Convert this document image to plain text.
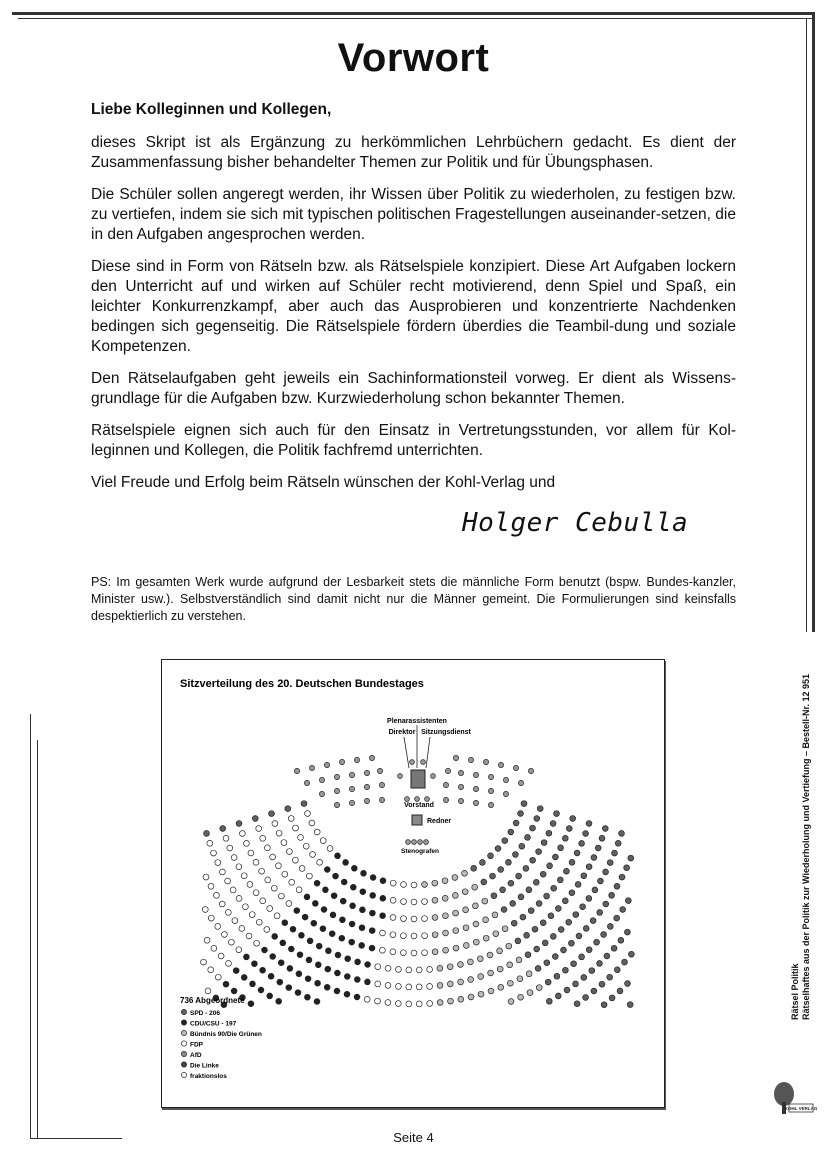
Vorwort

Liebe Kolleginnen und Kollegen,

dieses Skript ist als Ergänzung zu herkömmlichen Lehrbüchern gedacht. Es dient der Zusammenfassung bisher behandelter Themen zur Politik und für Übungsphasen.

Die Schüler sollen angeregt werden, ihr Wissen über Politik zu wiederholen, zu festigen bzw. zu vertiefen, indem sie sich mit typischen politischen Fragestellungen auseinander-setzen, die in den Aufgaben angesprochen werden.

Diese sind in Form von Rätseln bzw. als Rätselspiele konzipiert. Diese Art Aufgaben lockern den Unterricht auf und wirken auf Schüler recht motivierend, denn Spiel und Spaß, ein leichter Konkurrenzkampf, aber auch das Ausprobieren und konzentrierte Nachdenken bedingen sich gegenseitig. Die Rätselspiele fördern überdies die Teambil-dung und soziale Kompetenzen.

Den Rätselaufgaben geht jeweils ein Sachinformationsteil vorweg. Er dient als Wissens-grundlage für die Aufgaben bzw. Kurzwiederholung schon bekannter Themen.

Rätselspiele eignen sich auch für den Einsatz in Vertretungsstunden, vor allem für Kol-leginnen und Kollegen, die Politik fachfremd unterrichten.

Viel Freude und Erfolg beim Rätseln wünschen der Kohl-Verlag und

Holger Cebulla
PS: Im gesamten Werk wurde aufgrund der Lesbarkeit stets die männliche Form benutzt (bspw. Bundes-kanzler, Minister usw.). Selbstverständlich sind damit nicht nur die Männer gemeint. Die Formulierungen sind keinsfalls despektierlich zu verstehen.
Sitzverteilung des 20. Deutschen Bundestages
Plenarassistenten
Direktor Sitzungsdienst
Vorstand
Redner
Stenografen
736 Abgeordnete
SPD - 206
CDU/CSU - 197
Bündnis 90/Die Grünen
FDP
AfD
Die Linke
fraktionslos
Rätsel Politik Rätselhaftes aus der Politik zur Wiederholung und Vertiefung – Bestell-Nr. 12 951
KOHL VERLAG
Seite 4
